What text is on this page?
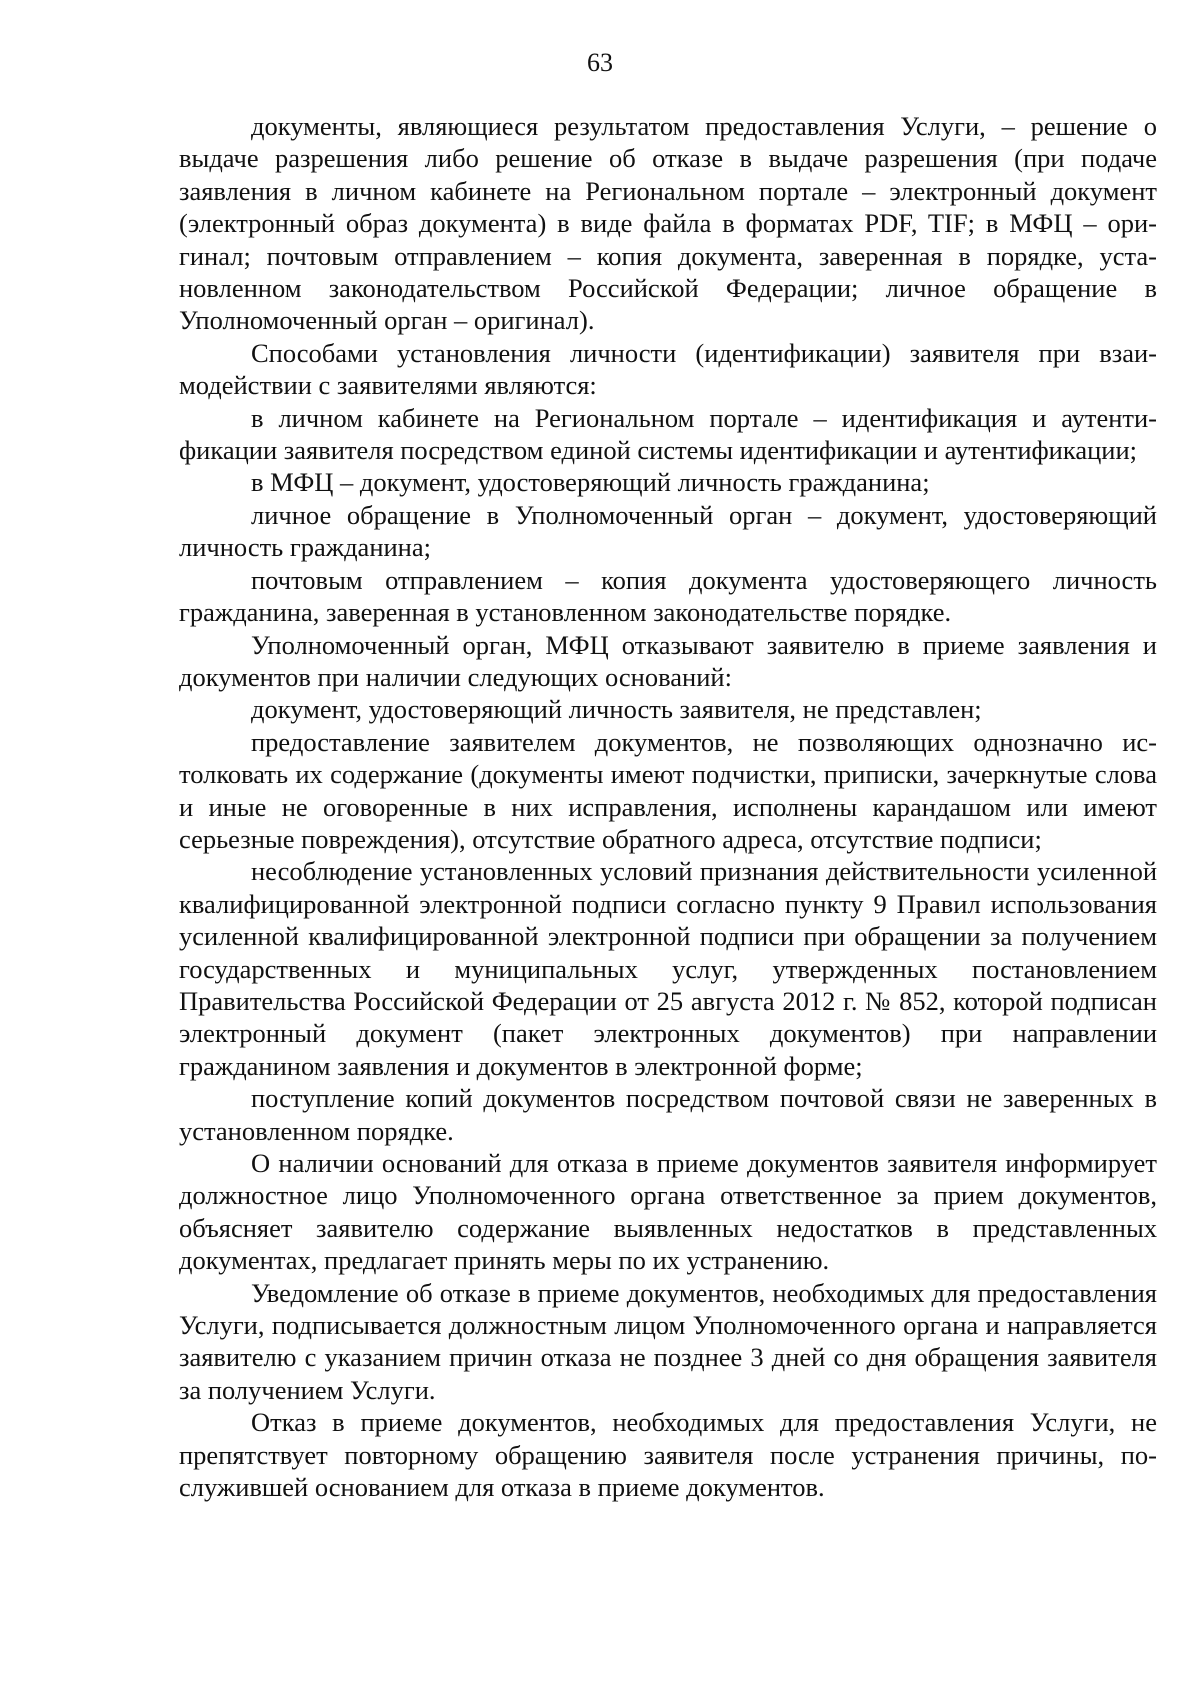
63

документы, являющиеся результатом предоставления Услуги, – решение о выдаче разрешения либо решение об отказе в выдаче разрешения (при подаче заявления в личном кабинете на Региональном портале – электронный документ (электронный образ документа) в виде файла в форматах PDF, TIF; в МФЦ – оригинал; почтовым отправлением – копия документа, заверенная в порядке, установленном законодательством Российской Федерации; личное обращение в Уполномоченный орган – оригинал).

Способами установления личности (идентификации) заявителя при взаимодействии с заявителями являются:

в личном кабинете на Региональном портале – идентификация и аутентификации заявителя посредством единой системы идентификации и аутентификации;

в МФЦ – документ, удостоверяющий личность гражданина;

личное обращение в Уполномоченный орган – документ, удостоверяющий личность гражданина;

почтовым отправлением – копия документа удостоверяющего личность гражданина, заверенная в установленном законодательстве порядке.

Уполномоченный орган, МФЦ отказывают заявителю в приеме заявления и документов при наличии следующих оснований:

документ, удостоверяющий личность заявителя, не представлен;

предоставление заявителем документов, не позволяющих однозначно истолковать их содержание (документы имеют подчистки, приписки, зачеркнутые слова и иные не оговоренные в них исправления, исполнены карандашом или имеют серьезные повреждения), отсутствие обратного адреса, отсутствие подписи;

несоблюдение установленных условий признания действительности усиленной квалифицированной электронной подписи согласно пункту 9 Правил использования усиленной квалифицированной электронной подписи при обращении за получением государственных и муниципальных услуг, утвержденных постановлением Правительства Российской Федерации от 25 августа 2012 г. № 852, которой подписан электронный документ (пакет электронных документов) при направлении гражданином заявления и документов в электронной форме;

поступление копий документов посредством почтовой связи не заверенных в установленном порядке.

О наличии оснований для отказа в приеме документов заявителя информирует должностное лицо Уполномоченного органа ответственное за прием документов, объясняет заявителю содержание выявленных недостатков в представленных документах, предлагает принять меры по их устранению.

Уведомление об отказе в приеме документов, необходимых для предоставления Услуги, подписывается должностным лицом Уполномоченного органа и направляется заявителю с указанием причин отказа не позднее 3 дней со дня обращения заявителя за получением Услуги.

Отказ в приеме документов, необходимых для предоставления Услуги, не препятствует повторному обращению заявителя после устранения причины, послужившей основанием для отказа в приеме документов.
